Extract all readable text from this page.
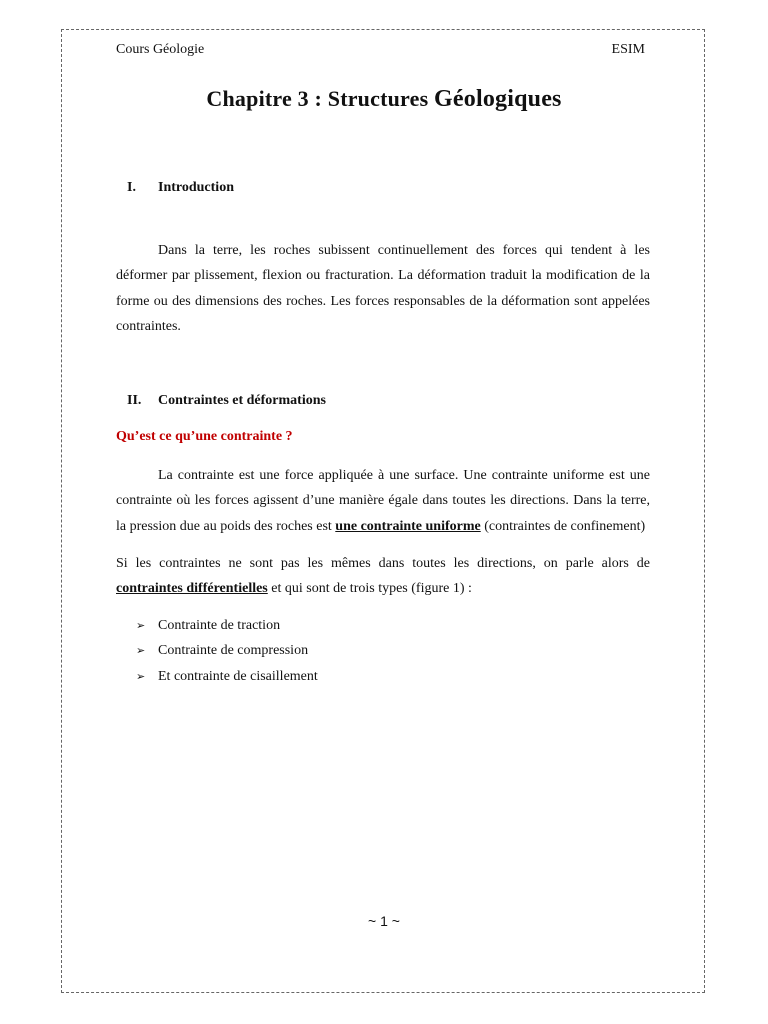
Cours Géologie	ESIM
Chapitre 3 : Structures Géologiques
I. Introduction

Dans la terre, les roches subissent continuellement des forces qui tendent à les déformer par plissement, flexion ou fracturation. La déformation traduit la modification de la forme ou des dimensions des roches. Les forces responsables de la déformation sont appelées contraintes.

II. Contraintes et déformations
Qu’est ce qu’une contrainte ?

La contrainte est une force appliquée à une surface. Une contrainte uniforme est une contrainte où les forces agissent d’une manière égale dans toutes les directions. Dans la terre, la pression due au poids des roches est une contrainte uniforme (contraintes de confinement)

Si les contraintes ne sont pas les mêmes dans toutes les directions, on parle alors de contraintes différentielles et qui sont de trois types (figure 1) :

➢ Contrainte de traction
➢ Contrainte de compression
➢ Et contrainte de cisaillement
~ 1 ~
